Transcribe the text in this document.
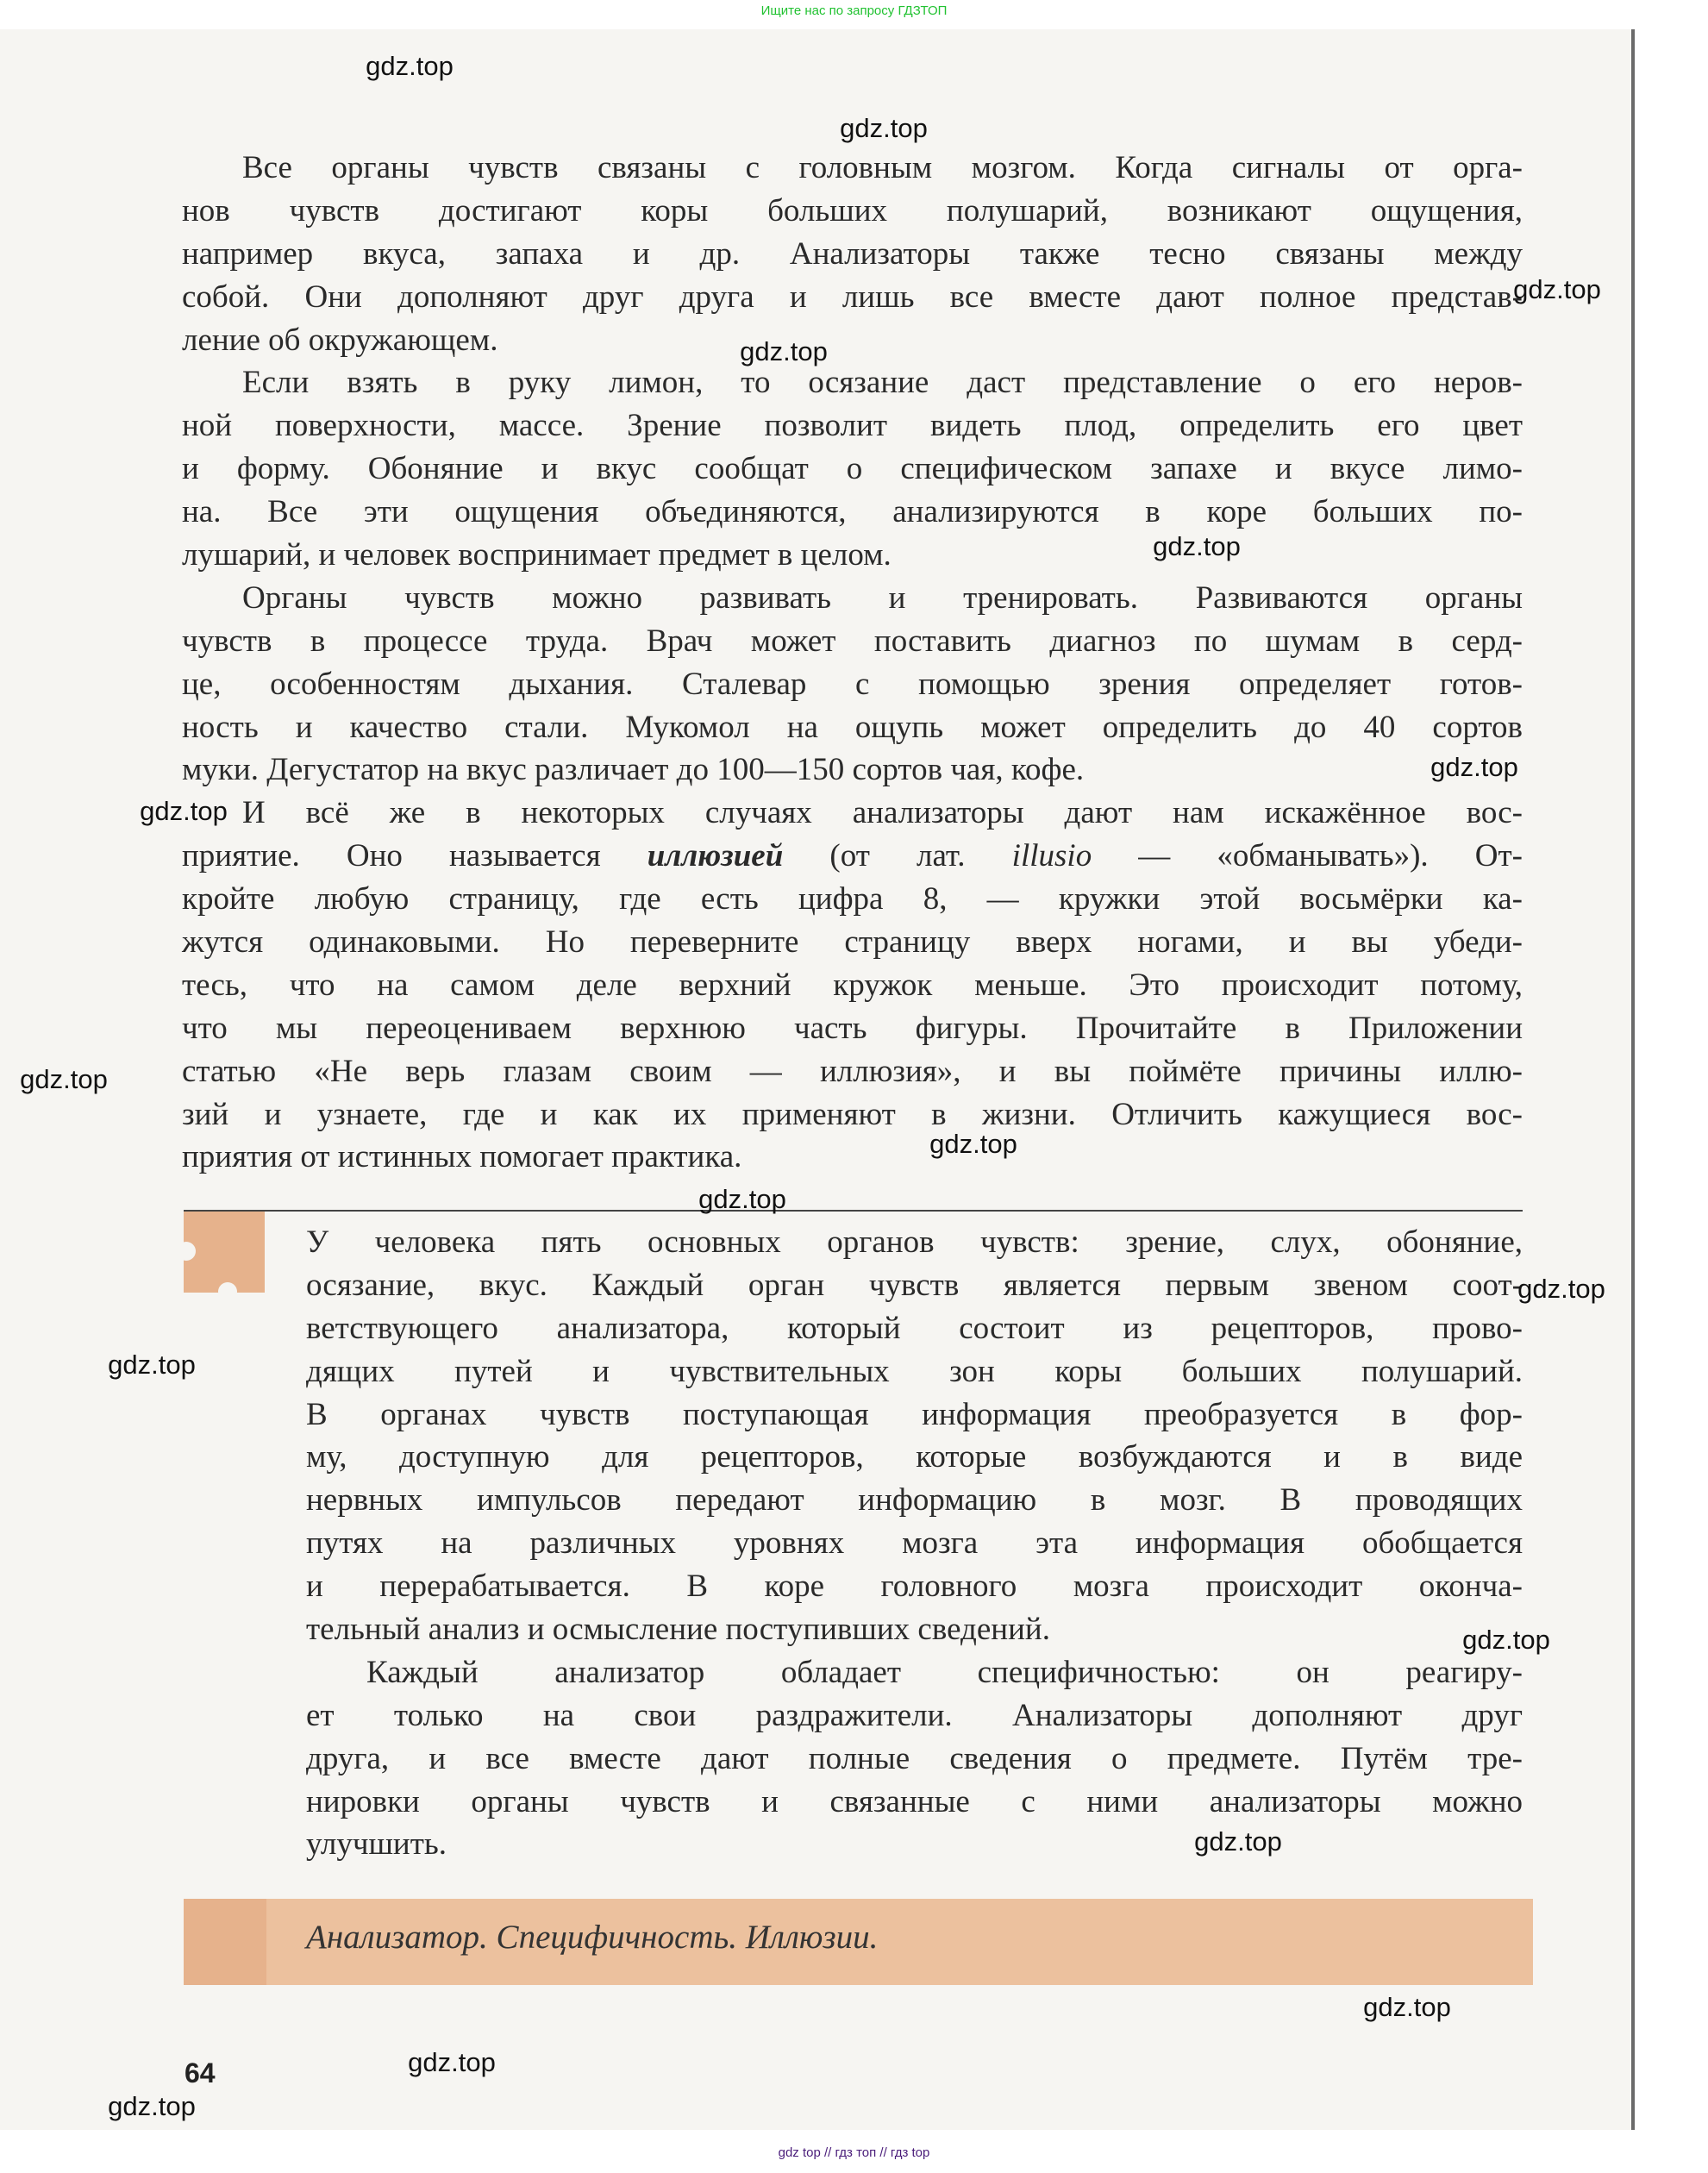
Ищите нас по запросу ГДЗТОП
Все органы чувств связаны с головным мозгом. Когда сигналы от орга-
нов чувств достигают коры больших полушарий, возникают ощущения,
например вкуса, запаха и др. Анализаторы также тесно связаны между
собой. Они дополняют друг друга и лишь все вместе дают полное представ-
ление об окружающем.
Если взять в руку лимон, то осязание даст представление о его неров-
ной поверхности, массе. Зрение позволит видеть плод, определить его цвет
и форму. Обоняние и вкус сообщат о специфическом запахе и вкусе лимо-
на. Все эти ощущения объединяются, анализируются в коре больших по-
лушарий, и человек воспринимает предмет в целом.
Органы чувств можно развивать и тренировать. Развиваются органы
чувств в процессе труда. Врач может поставить диагноз по шумам в серд-
це, особенностям дыхания. Сталевар с помощью зрения определяет готов-
ность и качество стали. Мукомол на ощупь может определить до 40 сортов
муки. Дегустатор на вкус различает до 100—150 сортов чая, кофе.
И всё же в некоторых случаях анализаторы дают нам искажённое вос-
приятие. Оно называется иллюзией (от лат. illusio — «обманывать»). От-
кройте любую страницу, где есть цифра 8, — кружки этой восьмёрки ка-
жутся одинаковыми. Но переверните страницу вверх ногами, и вы убеди-
тесь, что на самом деле верхний кружок меньше. Это происходит потому,
что мы переоцениваем верхнюю часть фигуры. Прочитайте в Приложении
статью «Не верь глазам своим — иллюзия», и вы поймёте причины иллю-
зий и узнаете, где и как их применяют в жизни. Отличить кажущиеся вос-
приятия от истинных помогает практика.
У человека пять основных органов чувств: зрение, слух, обоняние,
осязание, вкус. Каждый орган чувств является первым звеном соот-
ветствующего анализатора, который состоит из рецепторов, прово-
дящих путей и чувствительных зон коры больших полушарий.
В органах чувств поступающая информация преобразуется в фор-
му, доступную для рецепторов, которые возбуждаются и в виде
нервных импульсов передают информацию в мозг. В проводящих
путях на различных уровнях мозга эта информация обобщается
и перерабатывается. В коре головного мозга происходит оконча-
тельный анализ и осмысление поступивших сведений.
Каждый анализатор обладает специфичностью: он реагиру-
ет только на свои раздражители. Анализаторы дополняют друг
друга, и все вместе дают полные сведения о предмете. Путём тре-
нировки органы чувств и связанные с ними анализаторы можно
улучшить.
Анализатор. Специфичность. Иллюзии.
64
gdz.top
gdz.top
gdz.top
gdz.top
gdz.top
gdz.top
gdz.top
gdz.top
gdz.top
gdz.top
gdz.top
gdz.top
gdz.top
gdz.top
gdz.top
gdz.top
gdz.top
gdz top // гдз топ // гдз top
